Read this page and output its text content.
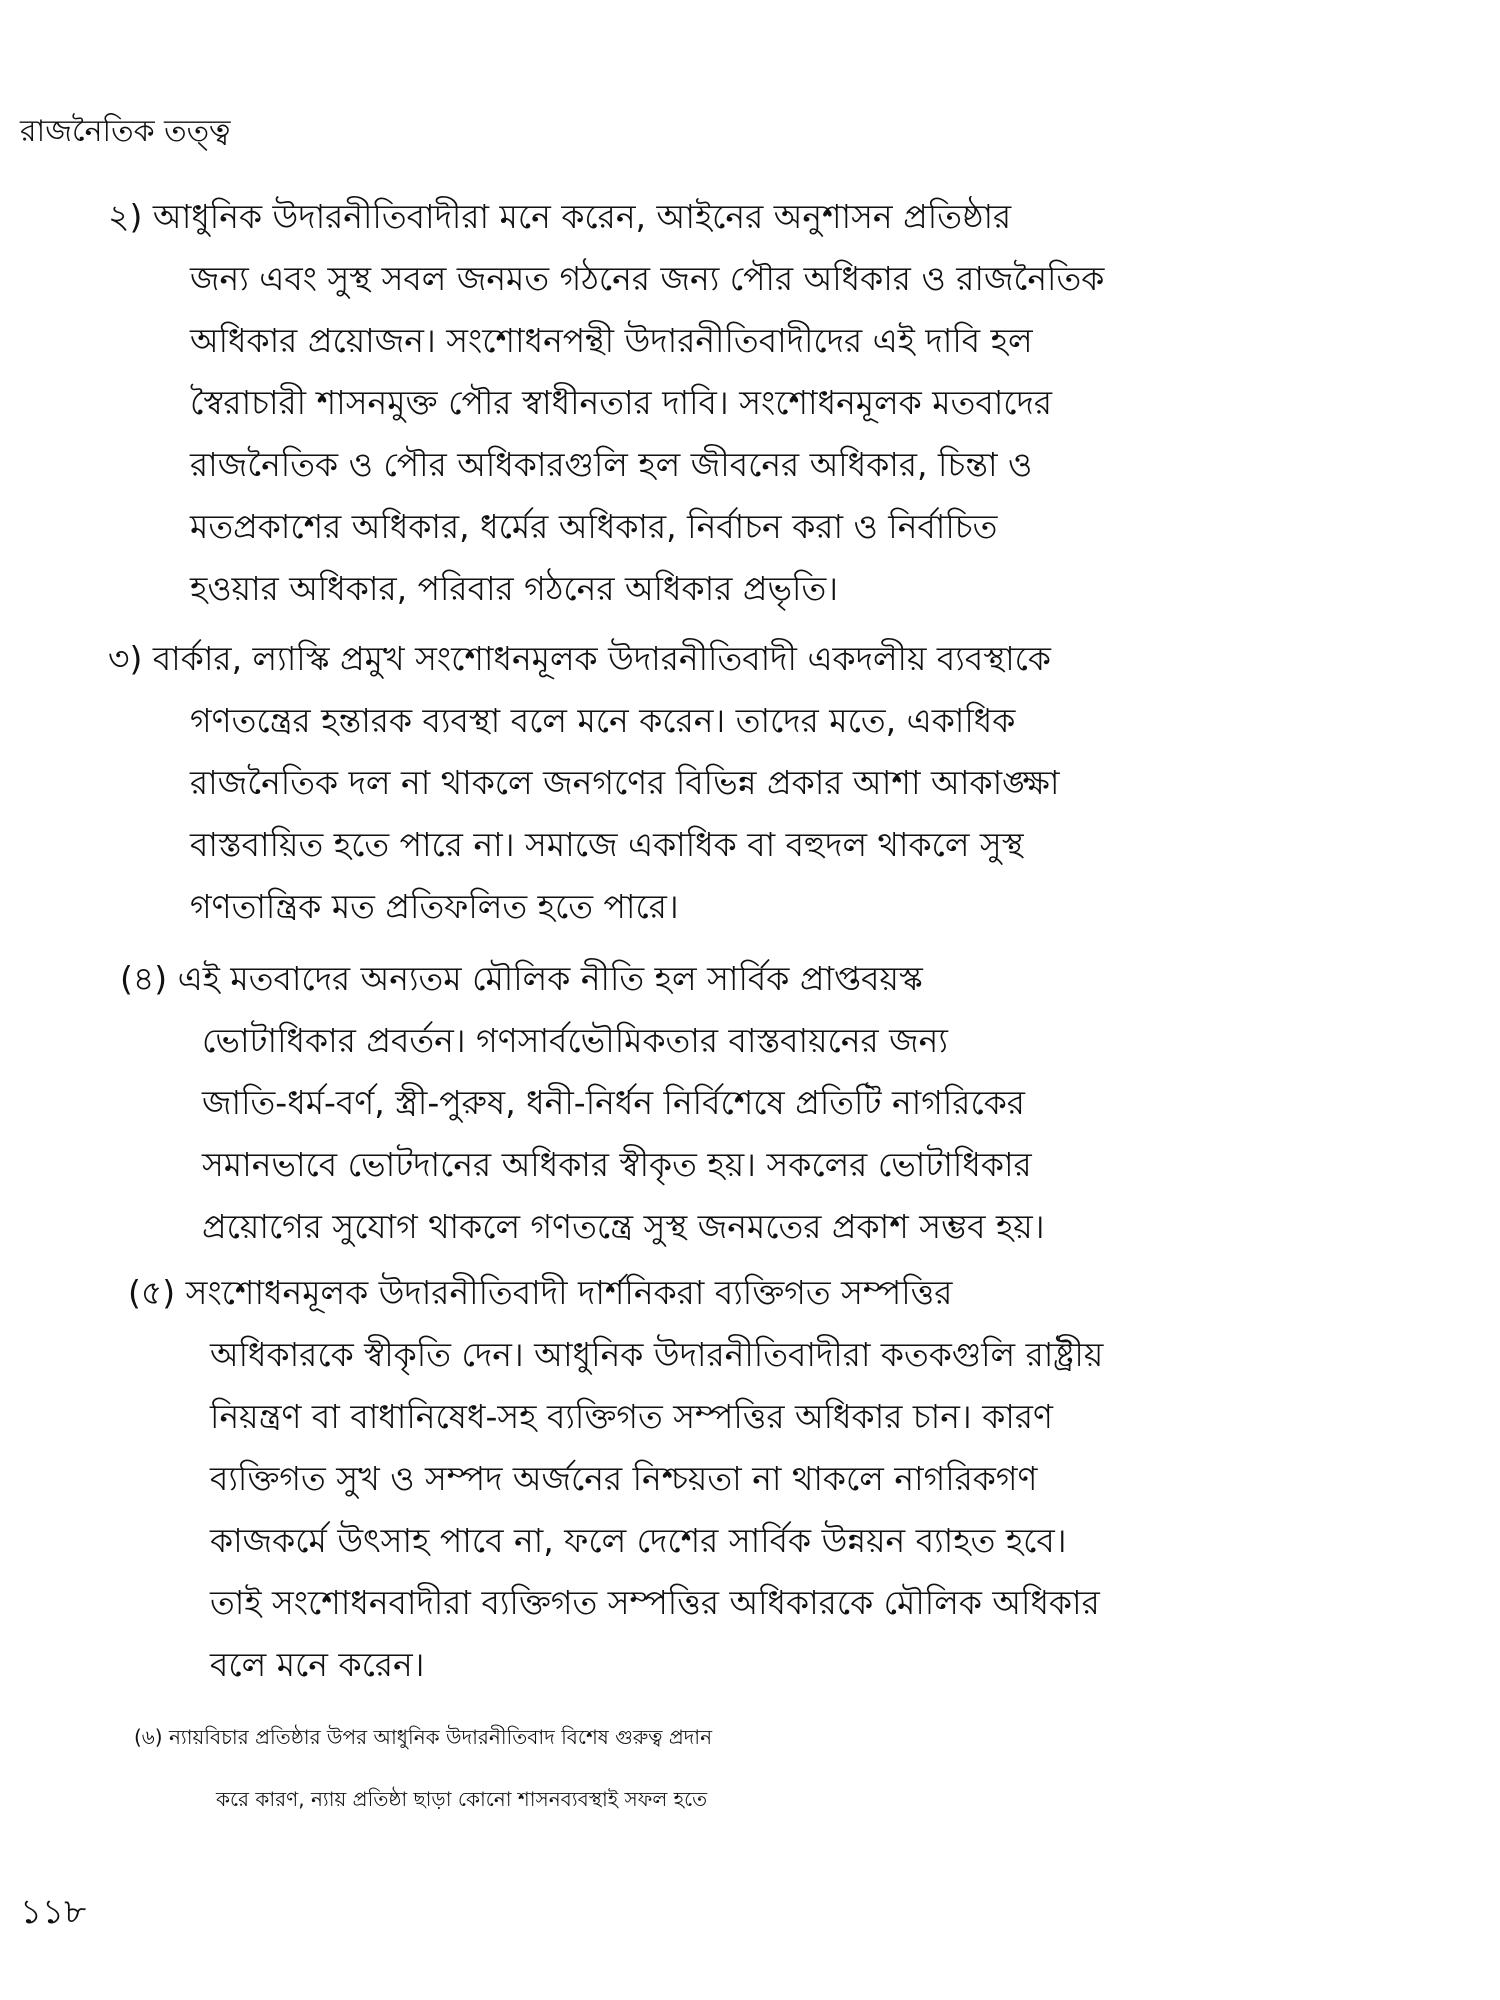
রাজনৈতিক তত্ত্ব
২) আধুনিক উদারনীতিবাদীরা মনে করেন, আইনের অনুশাসন প্রতিষ্ঠার
জন্য এবং সুস্থ সবল জনমত গঠনের জন্য পৌর অধিকার ও রাজনৈতিক
অধিকার প্রয়োজন। সংশোধনপন্থী উদারনীতিবাদীদের এই দাবি হল
স্বৈরাচারী শাসনমুক্ত পৌর স্বাধীনতার দাবি। সংশোধনমূলক মতবাদের
রাজনৈতিক ও পৌর অধিকারগুলি হল জীবনের অধিকার, চিন্তা ও
মতপ্রকাশের অধিকার, ধর্মের অধিকার, নির্বাচন করা ও নির্বাচিত
হওয়ার অধিকার, পরিবার গঠনের অধিকার প্রভৃতি।
৩) বার্কার, ল্যাস্কি প্রমুখ সংশোধনমূলক উদারনীতিবাদী একদলীয় ব্যবস্থাকে
গণতন্ত্রের হন্তারক ব্যবস্থা বলে মনে করেন। তাদের মতে, একাধিক
রাজনৈতিক দল না থাকলে জনগণের বিভিন্ন প্রকার আশা আকাঙ্ক্ষা
বাস্তবায়িত হতে পারে না। সমাজে একাধিক বা বহুদল থাকলে সুস্থ
গণতান্ত্রিক মত প্রতিফলিত হতে পারে।
(৪) এই মতবাদের অন্যতম মৌলিক নীতি হল সার্বিক প্রাপ্তবয়স্ক
ভোটাধিকার প্রবর্তন। গণসার্বভৌমিকতার বাস্তবায়নের জন্য
জাতি-ধর্ম-বর্ণ, স্ত্রী-পুরুষ, ধনী-নির্ধন নির্বিশেষে প্রতিটি নাগরিকের
সমানভাবে ভোটদানের অধিকার স্বীকৃত হয়। সকলের ভোটাধিকার
প্রয়োগের সুযোগ থাকলে গণতন্ত্রে সুস্থ জনমতের প্রকাশ সম্ভব হয়।
(৫) সংশোধনমূলক উদারনীতিবাদী দার্শনিকরা ব্যক্তিগত সম্পত্তির
অধিকারকে স্বীকৃতি দেন। আধুনিক উদারনীতিবাদীরা কতকগুলি রাষ্ট্রীয়
নিয়ন্ত্রণ বা বাধানিষেধ-সহ ব্যক্তিগত সম্পত্তির অধিকার চান। কারণ
ব্যক্তিগত সুখ ও সম্পদ অর্জনের নিশ্চয়তা না থাকলে নাগরিকগণ
কাজকর্মে উৎসাহ পাবে না, ফলে দেশের সার্বিক উন্নয়ন ব্যাহত হবে।
তাই সংশোধনবাদীরা ব্যক্তিগত সম্পত্তির অধিকারকে মৌলিক অধিকার
বলে মনে করেন।
(৬) ন্যায়বিচার প্রতিষ্ঠার উপর আধুনিক উদারনীতিবাদ বিশেষ গুরুত্ব প্রদান
করে কারণ, ন্যায় প্রতিষ্ঠা ছাড়া কোনো শাসনব্যবস্থাই সফল হতে
১১৮
